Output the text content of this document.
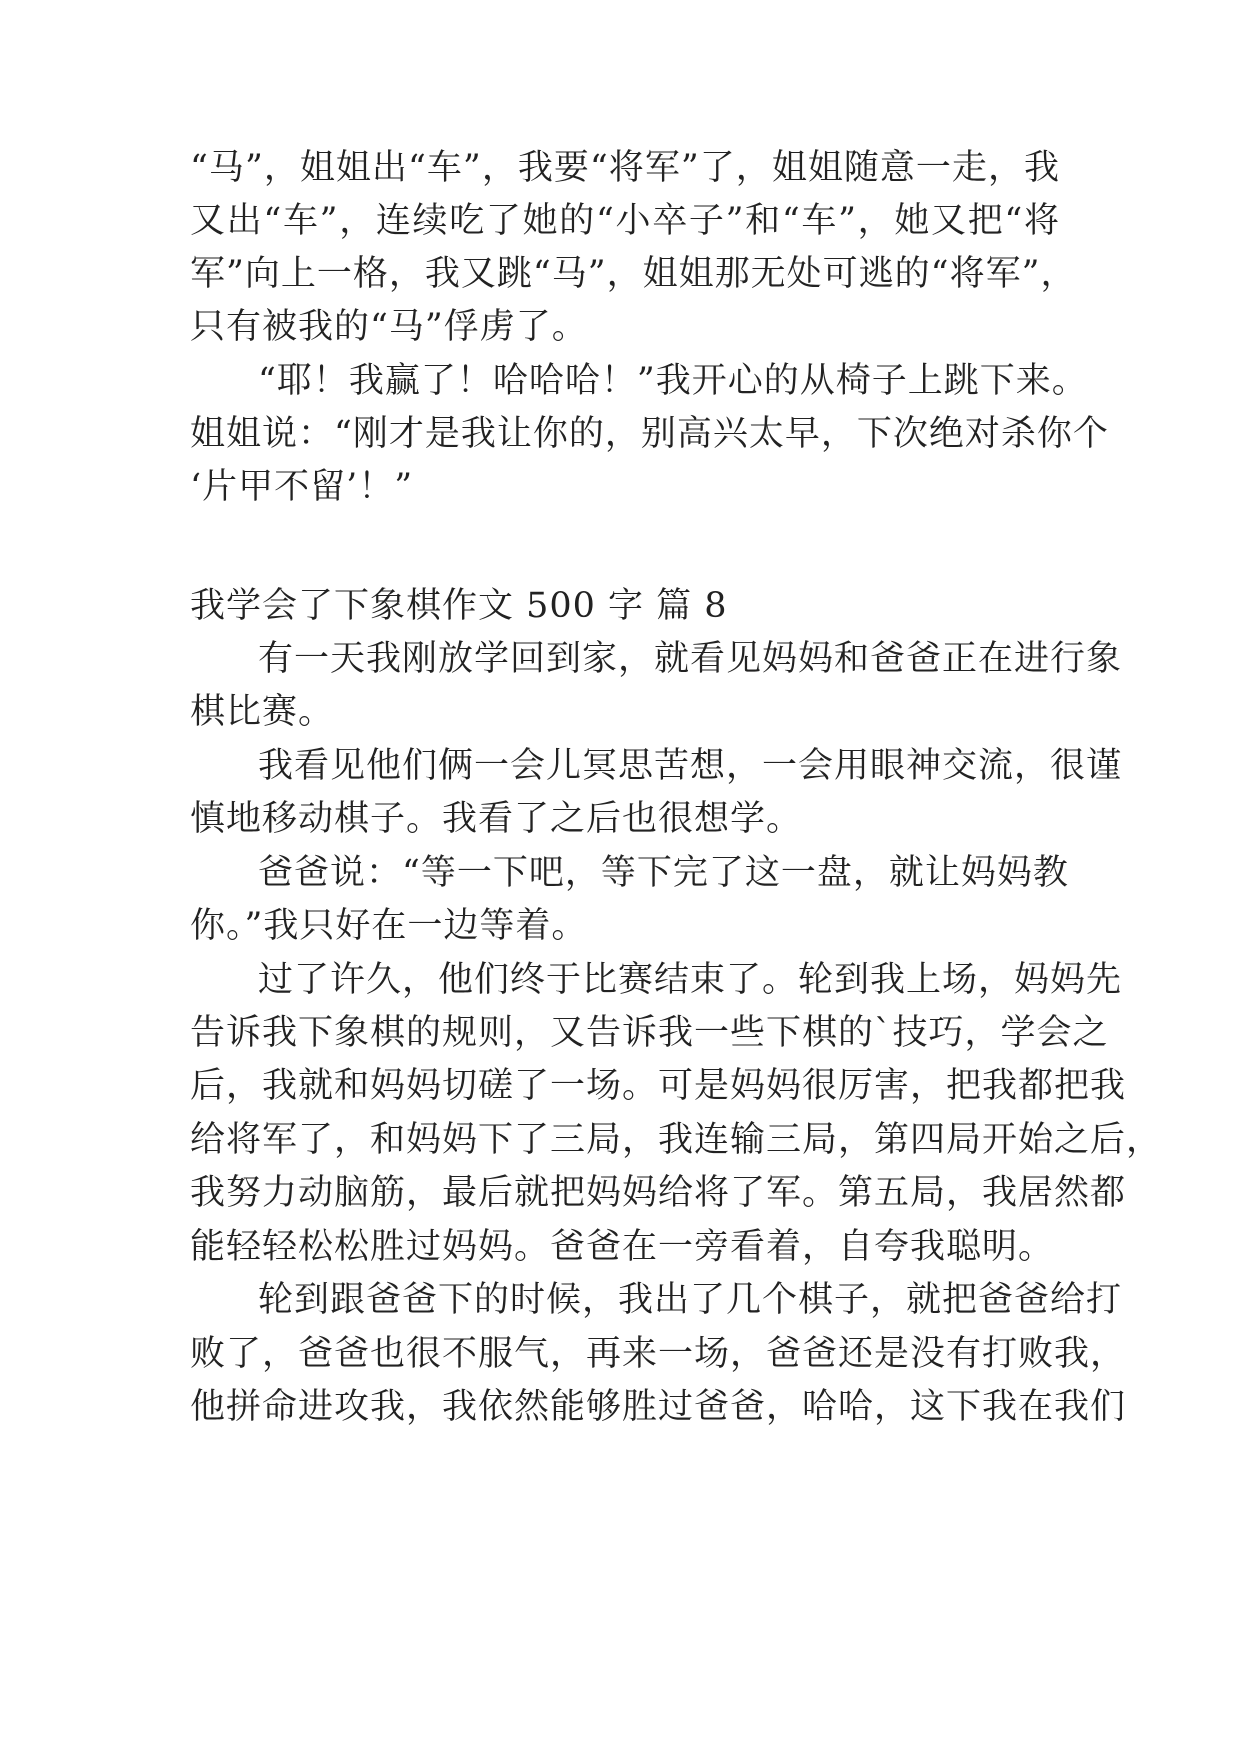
“马”，姐姐出“车”，我要“将军”了，姐姐随意一走，我
又出“车”，连续吃了她的“小卒子”和“车”，她又把“将
军”向上一格，我又跳“马”，姐姐那无处可逃的“将军”，
只有被我的“马”俘虏了。
“耶！我赢了！哈哈哈！”我开心的从椅子上跳下来。
姐姐说：“刚才是我让你的，别高兴太早，下次绝对杀你个
‘片甲不留’！”
我学会了下象棋作文 500 字 篇 8
有一天我刚放学回到家，就看见妈妈和爸爸正在进行象
棋比赛。
我看见他们俩一会儿冥思苦想，一会用眼神交流，很谨
慎地移动棋子。我看了之后也很想学。
爸爸说：“等一下吧，等下完了这一盘，就让妈妈教
你。”我只好在一边等着。
过了许久，他们终于比赛结束了。轮到我上场，妈妈先
告诉我下象棋的规则，又告诉我一些下棋的`技巧，学会之
后，我就和妈妈切磋了一场。可是妈妈很厉害，把我都把我
给将军了，和妈妈下了三局，我连输三局，第四局开始之后，
我努力动脑筋，最后就把妈妈给将了军。第五局，我居然都
能轻轻松松胜过妈妈。爸爸在一旁看着，自夸我聪明。
轮到跟爸爸下的时候，我出了几个棋子，就把爸爸给打
败了，爸爸也很不服气，再来一场，爸爸还是没有打败我，
他拼命进攻我，我依然能够胜过爸爸，哈哈，这下我在我们
